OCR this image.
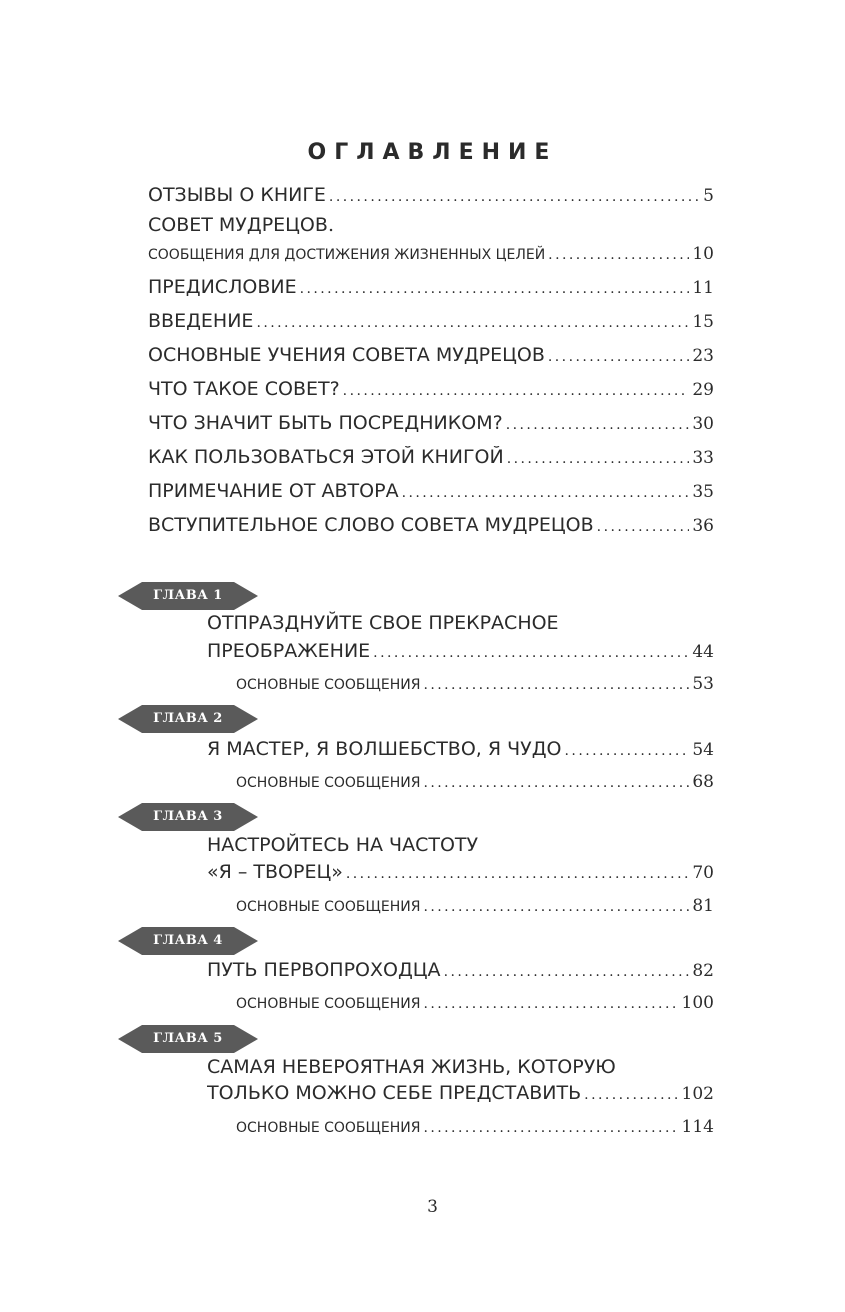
ОГЛАВЛЕНИЕ
ОТЗЫВЫ О КНИГЕ . . .	5
СОВЕТ МУДРЕЦОВ.
СООБЩЕНИЯ ДЛЯ ДОСТИЖЕНИЯ ЖИЗНЕННЫХ ЦЕЛЕЙ . . .	10
ПРЕДИСЛОВИЕ . . .	11
ВВЕДЕНИЕ . . .	15
ОСНОВНЫЕ УЧЕНИЯ СОВЕТА МУДРЕЦОВ . . .	23
ЧТО ТАКОЕ СОВЕТ? . . .	29
ЧТО ЗНАЧИТ БЫТЬ ПОСРЕДНИКОМ? . . .	30
КАК ПОЛЬЗОВАТЬСЯ ЭТОЙ КНИГОЙ . . .	33
ПРИМЕЧАНИЕ ОТ АВТОРА . . .	35
ВСТУПИТЕЛЬНОЕ СЛОВО СОВЕТА МУДРЕЦОВ . . .	36
ГЛАВА 1

ОТПРАЗДНУЙТЕ СВОЕ ПРЕКРАСНОЕ

ПРЕОБРАЖЕНИЕ . . .	44
ОСНОВНЫЕ СООБЩЕНИЯ . . .	53
ГЛАВА 2
Я МАСТЕР, Я ВОЛШЕБСТВО, Я ЧУДО . . .	54
ОСНОВНЫЕ СООБЩЕНИЯ . . .	68
ГЛАВА 3

НАСТРОЙТЕСЬ НА ЧАСТОТУ

«Я – ТВОРЕЦ» . . .	70
ОСНОВНЫЕ СООБЩЕНИЯ . . .	81
ГЛАВА 4
ПУТЬ ПЕРВОПРОХОДЦА . . .	82
ОСНОВНЫЕ СООБЩЕНИЯ . . .	100
ГЛАВА 5

САМАЯ НЕВЕРОЯТНАЯ ЖИЗНЬ, КОТОРУЮ

ТОЛЬКО МОЖНО СЕБЕ ПРЕДСТАВИТЬ . . .	102
ОСНОВНЫЕ СООБЩЕНИЯ . . .	114

3
